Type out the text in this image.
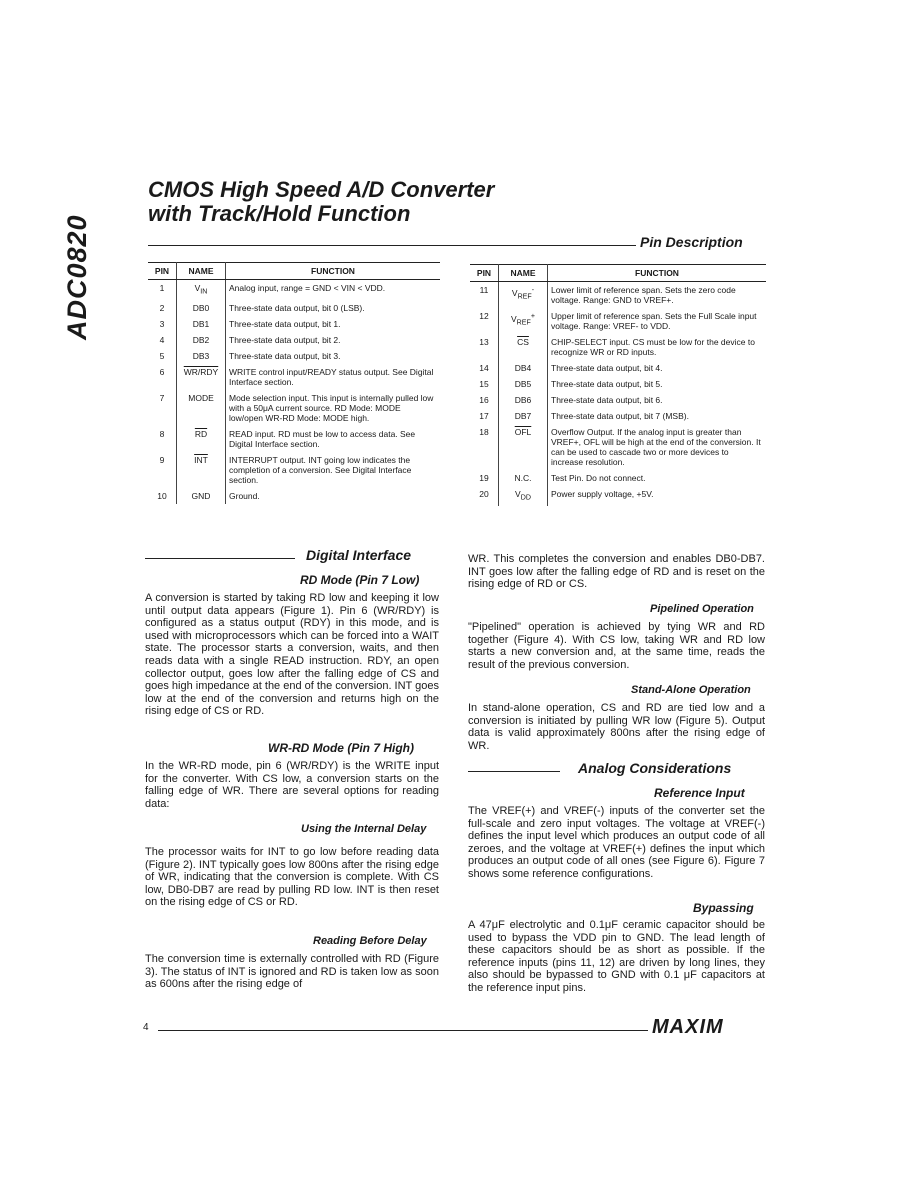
ADC0820
CMOS High Speed A/D Converter
with Track/Hold Function
Pin Description
PIN	NAME	FUNCTION
1	$V_{IN}$	Analog input, range = GND < VIN < VDD.
2	DB0	Three-state data output, bit 0 (LSB).
3	DB1	Three-state data output, bit 1.
4	DB2	Three-state data output, bit 2.
5	DB3	Three-state data output, bit 3.
6	WR/RDY	WRITE control input/READY status output. See Digital Interface section.
7	MODE	Mode selection input. This input is internally pulled low with a 50μA current source. RD Mode: MODE low/open WR-RD Mode: MODE high.
8	$\overline{RD}$	READ input. RD must be low to access data. See Digital Interface section.
9	$\overline{INT}$	INTERRUPT output. INT going low indicates the completion of a conversion. See Digital Interface section.
10	GND	Ground.
PIN	NAME	FUNCTION
11	$V_{REF}^-$	Lower limit of reference span. Sets the zero code voltage. Range: GND to VREF+.
12	$V_{REF}^+$	Upper limit of reference span. Sets the Full Scale input voltage. Range: VREF- to VDD.
13	$\overline{CS}$	CHIP-SELECT input. CS must be low for the device to recognize WR or RD inputs.
14	DB4	Three-state data output, bit 4.
15	DB5	Three-state data output, bit 5.
16	DB6	Three-state data output, bit 6.
17	DB7	Three-state data output, bit 7 (MSB).
18	$\overline{OFL}$	Overflow Output. If the analog input is greater than VREF+, OFL will be high at the end of the conversion. It can be used to cascade two or more devices to increase resolution.
19	N.C.	Test Pin. Do not connect.
20	$V_{DD}$	Power supply voltage, +5V.
Digital Interface
RD Mode (Pin 7 Low)
A conversion is started by taking RD low and keeping it low until output data appears (Figure 1). Pin 6 (WR/RDY) is configured as a status output (RDY) in this mode, and is used with microprocessors which can be forced into a WAIT state. The processor starts a conversion, waits, and then reads data with a single READ instruction. RDY, an open collector output, goes low after the falling edge of CS and goes high impedance at the end of the conversion. INT goes low at the end of the conversion and returns high on the rising edge of CS or RD.
WR-RD Mode (Pin 7 High)
In the WR-RD mode, pin 6 (WR/RDY) is the WRITE input for the converter. With CS low, a conversion starts on the falling edge of WR. There are several options for reading data:
Using the Internal Delay
The processor waits for INT to go low before reading data (Figure 2). INT typically goes low 800ns after the rising edge of WR, indicating that the conversion is complete. With CS low, DB0-DB7 are read by pulling RD low. INT is then reset on the rising edge of CS or RD.
Reading Before Delay
The conversion time is externally controlled with RD (Figure 3). The status of INT is ignored and RD is taken low as soon as 600ns after the rising edge of
WR. This completes the conversion and enables DB0-DB7. INT goes low after the falling edge of RD and is reset on the rising edge of RD or CS.
Pipelined Operation
"Pipelined" operation is achieved by tying WR and RD together (Figure 4). With CS low, taking WR and RD low starts a new conversion and, at the same time, reads the result of the previous conversion.
Stand-Alone Operation
In stand-alone operation, CS and RD are tied low and a conversion is initiated by pulling WR low (Figure 5). Output data is valid approximately 800ns after the rising edge of WR.
Analog Considerations
Reference Input
The VREF(+) and VREF(-) inputs of the converter set the full-scale and zero input voltages. The voltage at VREF(-) defines the input level which produces an output code of all zeroes, and the voltage at VREF(+) defines the input which produces an output code of all ones (see Figure 6). Figure 7 shows some reference configurations.
Bypassing
A 47μF electrolytic and 0.1μF ceramic capacitor should be used to bypass the VDD pin to GND. The lead length of these capacitors should be as short as possible. If the reference inputs (pins 11, 12) are driven by long lines, they also should be bypassed to GND with 0.1 μF capacitors at the reference input pins.
4	MAXIM
